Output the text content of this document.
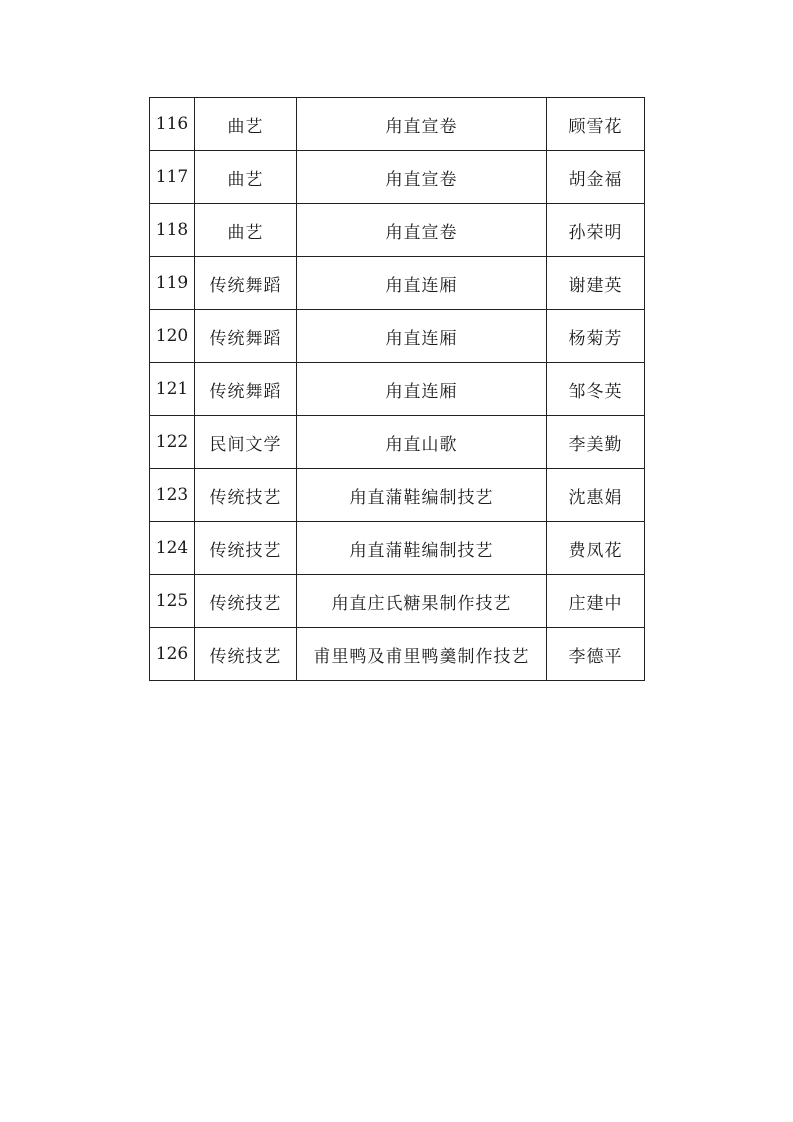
116	曲艺	甪直宣卷	顾雪花
117	曲艺	甪直宣卷	胡金福
118	曲艺	甪直宣卷	孙荣明
119	传统舞蹈	甪直连厢	谢建英
120	传统舞蹈	甪直连厢	杨菊芳
121	传统舞蹈	甪直连厢	邹冬英
122	民间文学	甪直山歌	李美勤
123	传统技艺	甪直蒲鞋编制技艺	沈惠娟
124	传统技艺	甪直蒲鞋编制技艺	费凤花
125	传统技艺	甪直庄氏糖果制作技艺	庄建中
126	传统技艺	甫里鸭及甫里鸭羹制作技艺	李德平
